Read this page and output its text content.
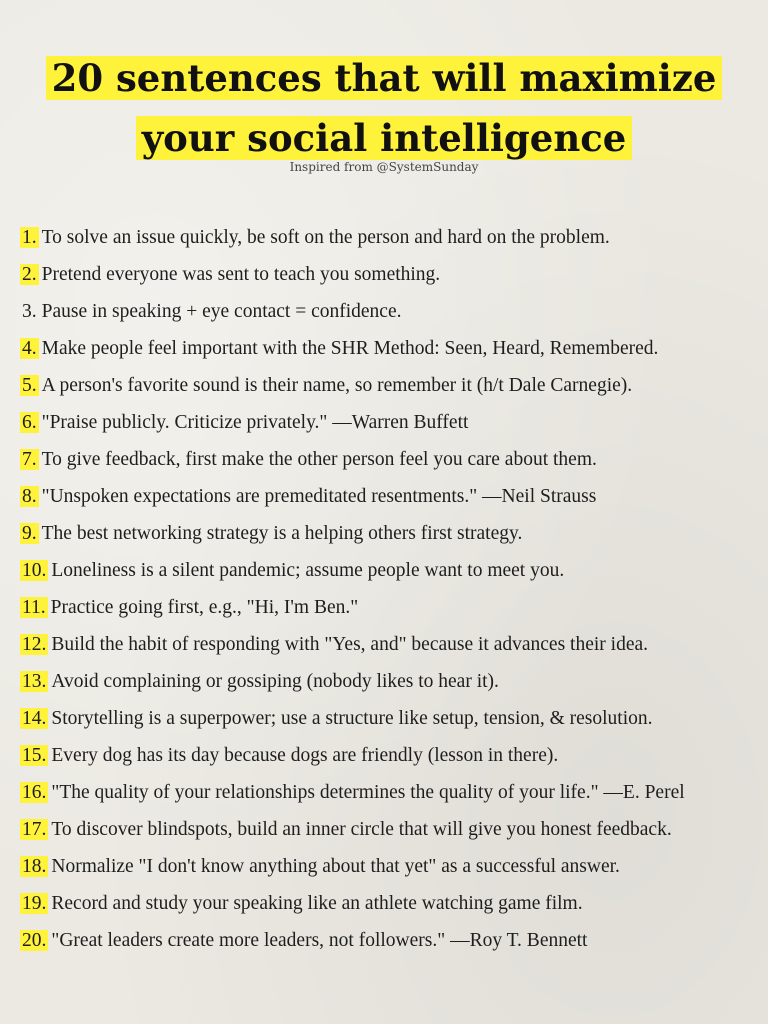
20 sentences that will maximize
your social intelligence
Inspired from @SystemSunday
1. To solve an issue quickly, be soft on the person and hard on the problem.
2. Pretend everyone was sent to teach you something.
3. Pause in speaking + eye contact = confidence.
4. Make people feel important with the SHR Method: Seen, Heard, Remembered.
5. A person's favorite sound is their name, so remember it (h/t Dale Carnegie).
6. "Praise publicly. Criticize privately." —Warren Buffett
7. To give feedback, first make the other person feel you care about them.
8. "Unspoken expectations are premeditated resentments." —Neil Strauss
9. The best networking strategy is a helping others first strategy.
10. Loneliness is a silent pandemic; assume people want to meet you.
11. Practice going first, e.g., "Hi, I'm Ben."
12. Build the habit of responding with "Yes, and" because it advances their idea.
13. Avoid complaining or gossiping (nobody likes to hear it).
14. Storytelling is a superpower; use a structure like setup, tension, & resolution.
15. Every dog has its day because dogs are friendly (lesson in there).
16. "The quality of your relationships determines the quality of your life." —E. Perel
17. To discover blindspots, build an inner circle that will give you honest feedback.
18. Normalize "I don't know anything about that yet" as a successful answer.
19. Record and study your speaking like an athlete watching game film.
20. "Great leaders create more leaders, not followers." —Roy T. Bennett
